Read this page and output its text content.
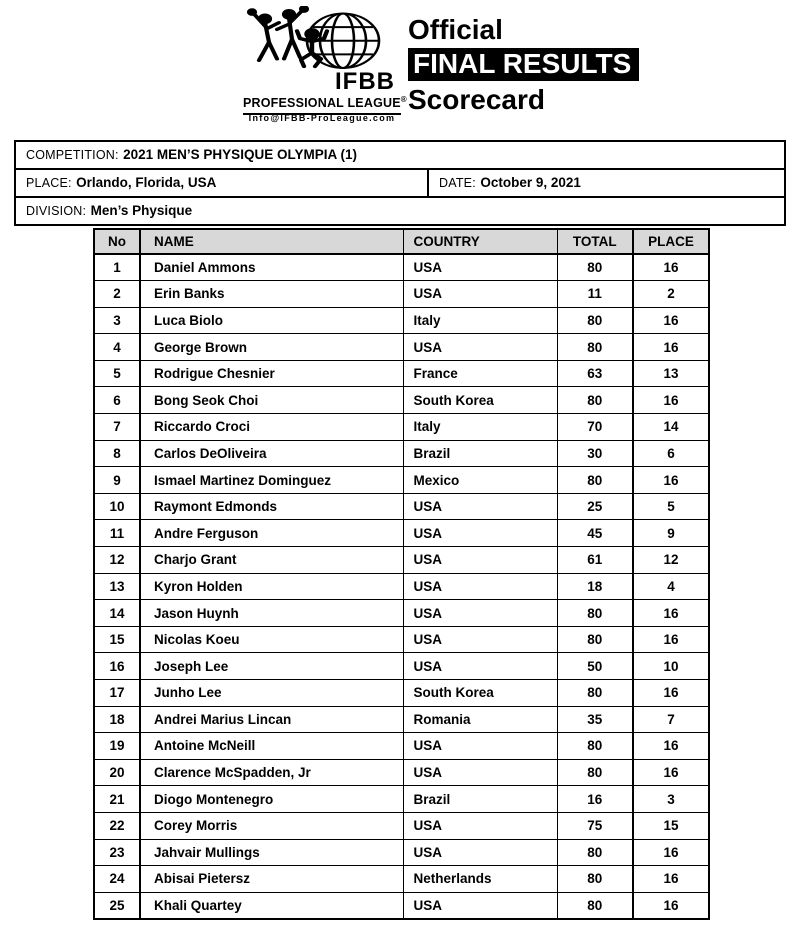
IFBB
PROFESSIONAL LEAGUE®
Info@IFBB-ProLeague.com
Official
FINAL RESULTS
Scorecard
COMPETITION: 2021 MEN’S PHYSIQUE OLYMPIA (1)
PLACE: Orlando, Florida, USA	DATE: October 9, 2021
DIVISION: Men’s Physique
No	NAME	COUNTRY	TOTAL	PLACE
1	Daniel Ammons	USA	80	16
2	Erin Banks	USA	11	2
3	Luca Biolo	Italy	80	16
4	George Brown	USA	80	16
5	Rodrigue Chesnier	France	63	13
6	Bong Seok Choi	South Korea	80	16
7	Riccardo Croci	Italy	70	14
8	Carlos DeOliveira	Brazil	30	6
9	Ismael Martinez Dominguez	Mexico	80	16
10	Raymont Edmonds	USA	25	5
11	Andre Ferguson	USA	45	9
12	Charjo Grant	USA	61	12
13	Kyron Holden	USA	18	4
14	Jason Huynh	USA	80	16
15	Nicolas Koeu	USA	80	16
16	Joseph Lee	USA	50	10
17	Junho Lee	South Korea	80	16
18	Andrei Marius Lincan	Romania	35	7
19	Antoine McNeill	USA	80	16
20	Clarence McSpadden, Jr	USA	80	16
21	Diogo Montenegro	Brazil	16	3
22	Corey Morris	USA	75	15
23	Jahvair Mullings	USA	80	16
24	Abisai Pietersz	Netherlands	80	16
25	Khali Quartey	USA	80	16
